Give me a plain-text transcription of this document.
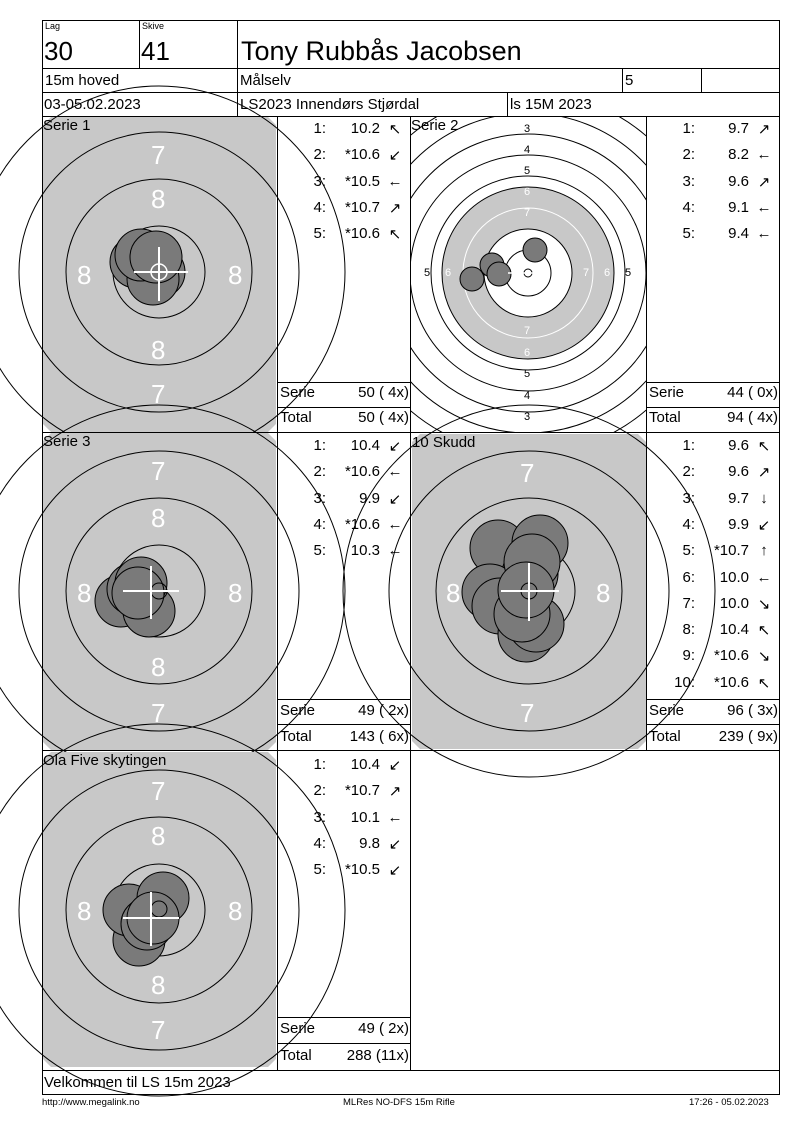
Lag
30
Skive
41	Tony Rubbås Jacobsen
15m hoved	Målselv	5
03-05.02.2023	LS2023 Innendørs Stjørdal	ls 15M 2023
7
8
8	8
8
7
Serie 1	3
4
5
6
7
8
7
6
5
4
3
5 6	8 7 6 5
Serie 2
7
8
8	8
8
7
Serie 3
7
8	8
7
10 Skudd
7
8
8	8
8
7
Ola Five skytingen
1:	10.2 ↖
2:	*10.6 ↙
3:	*10.5 ←
4:	*10.7 ↗
5:	*10.6 ↖
Serie	50 ( 4x)
Total	50 ( 4x)
1:	9.7 ↗
2:	8.2 ←
3:	9.6 ↗
4:	9.1 ←
5:	9.4 ←
Serie	44 ( 0x)
Total	94 ( 4x)
1:	10.4 ↙
2:	*10.6 ←
3:	9.9 ↙
4:	*10.6 ←
5:	10.3 ←
Serie	49 ( 2x)
Total	143 ( 6x)
1:	9.6 ↖
2:	9.6 ↗
3:	9.7 ↓
4:	9.9 ↙
5:	*10.7 ↑
6:	10.0 ←
7:	10.0 ↘
8:	10.4 ↖
9:	*10.6 ↘
10:	*10.6 ↖
Serie	96 ( 3x)
Total	239 ( 9x)
1:	10.4 ↙
2:	*10.7 ↗
3:	10.1 ←
4:	9.8 ↙
5:	*10.5 ↙
Serie	49 ( 2x)
Total	288 (11x)
Velkommen til LS 15m 2023
http://www.megalink.no	MLRes NO-DFS 15m Rifle	17:26 - 05.02.2023
